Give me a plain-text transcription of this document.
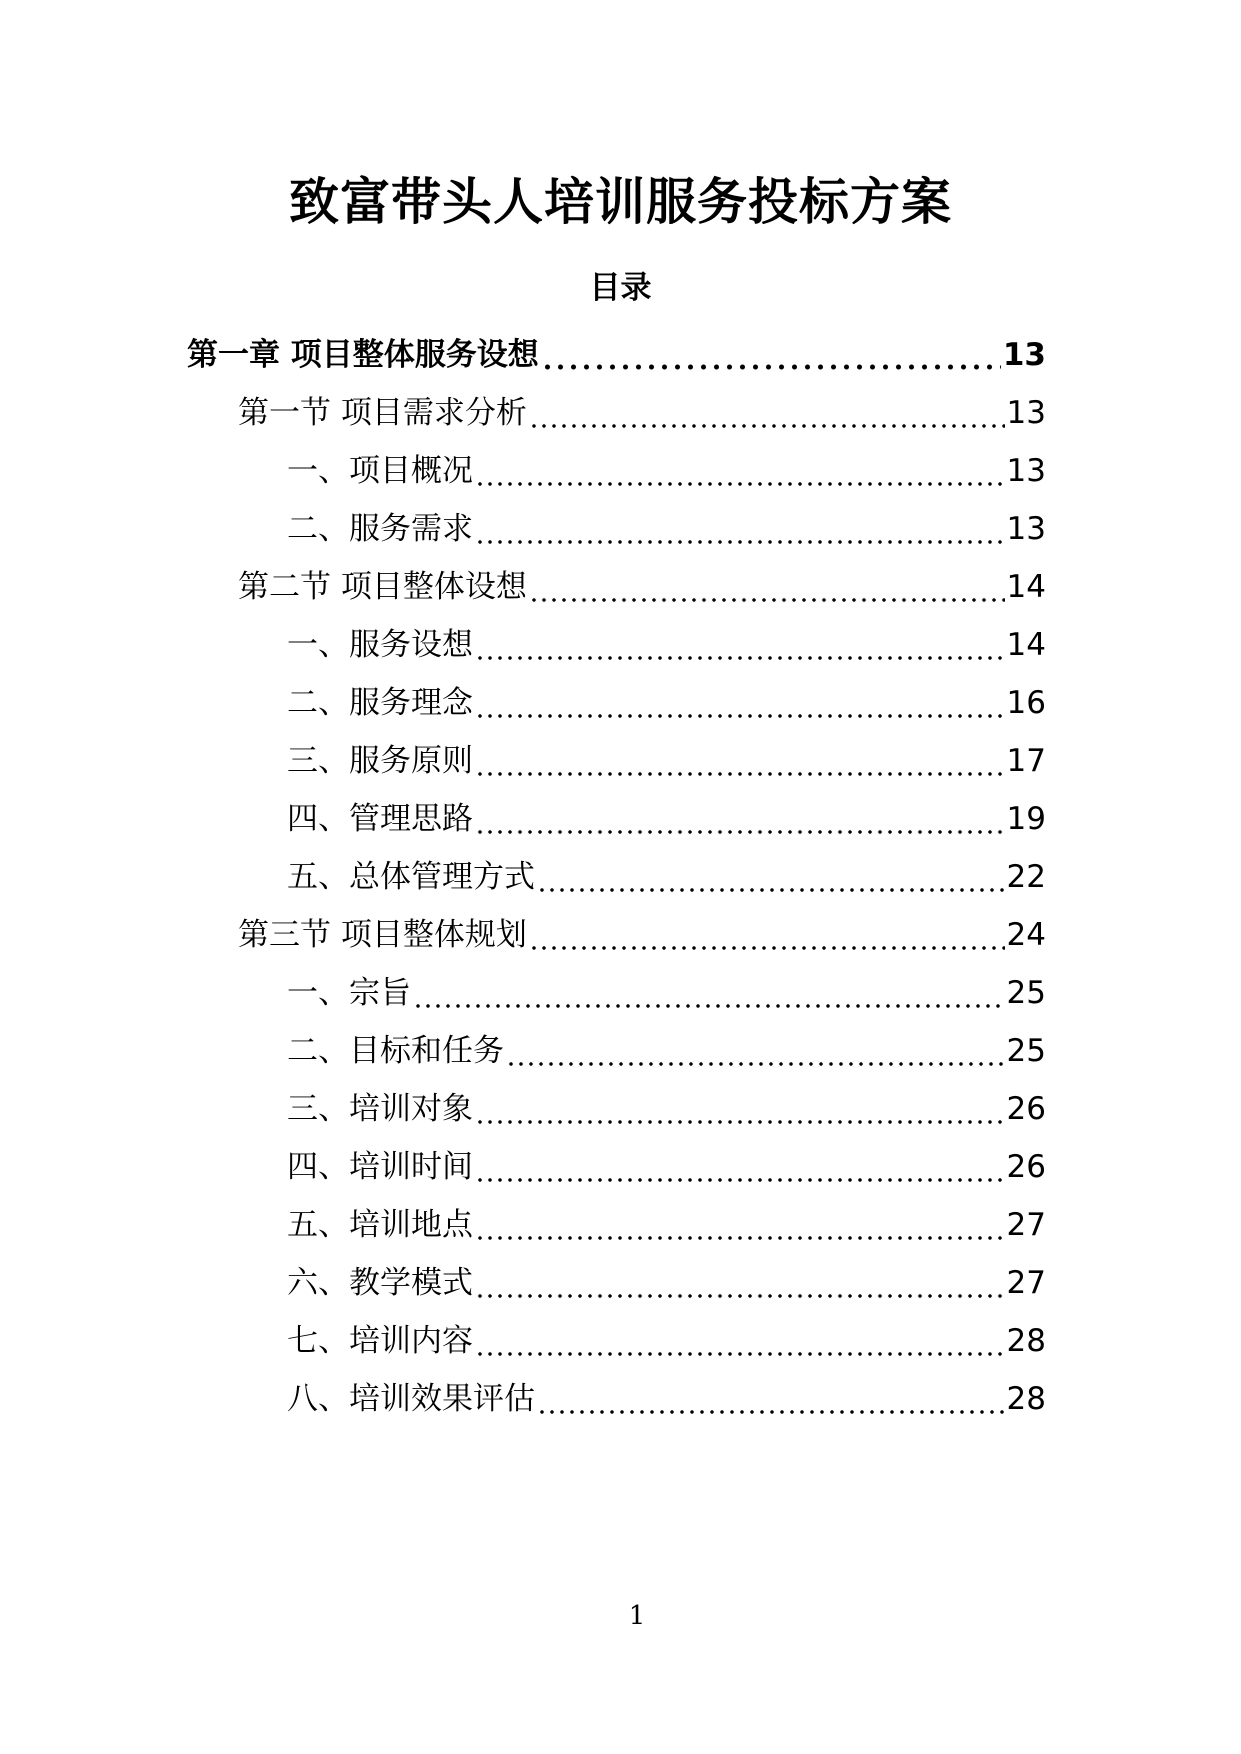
致富带头人培训服务投标方案
目录
第一章 项目整体服务设想	13
第一节 项目需求分析	13
一、项目概况	13
二、服务需求	13
第二节 项目整体设想	14
一、服务设想	14
二、服务理念	16
三、服务原则	17
四、管理思路	19
五、总体管理方式	22
第三节 项目整体规划	24
一、宗旨	25
二、目标和任务	25
三、培训对象	26
四、培训时间	26
五、培训地点	27
六、教学模式	27
七、培训内容	28
八、培训效果评估	28
1
